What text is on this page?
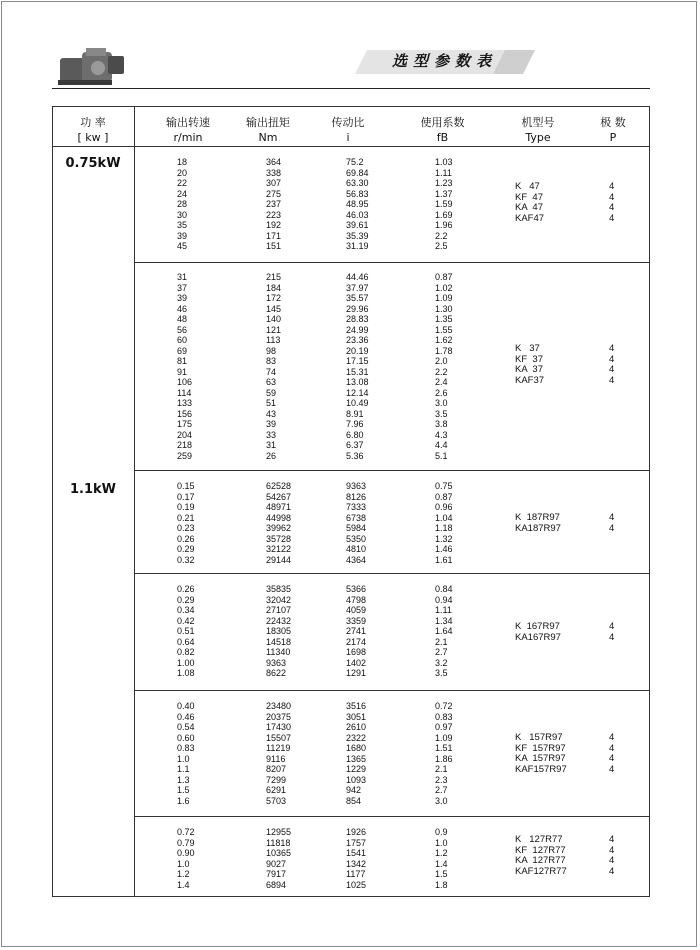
选型参数表
功 率
[ kw ]
输出转速
r/min
输出扭矩
Nm
传动比
i
使用系数
fB
机型号
Type
极 数
P
0.75kW
1.1kW
18
20
22
24
28
30
35
39
45
364
338
307
275
237
223
192
171
151
75.2
69.84
63.30
56.83
48.95
46.03
39.61
35.39
31.19
1.03
1.11
1.23
1.37
1.59
1.69
1.96
2.2
2.5
K   47
KF  47
KA  47
KAF47
4
4
4
4
31
37
39
46
48
56
60
69
81
91
106
114
133
156
175
204
218
259
215
184
172
145
140
121
113
98
83
74
63
59
51
43
39
33
31
26
44.46
37.97
35.57
29.96
28.83
24.99
23.36
20.19
17.15
15.31
13.08
12.14
10.49
8.91
7.96
6.80
6.37
5.36
0.87
1.02
1.09
1.30
1.35
1.55
1.62
1.78
2.0
2.2
2.4
2.6
3.0
3.5
3.8
4.3
4.4
5.1
K   37
KF  37
KA  37
KAF37
4
4
4
4
0.15
0.17
0.19
0.21
0.23
0.26
0.29
0.32
62528
54267
48971
44998
39962
35728
32122
29144
9363
8126
7333
6738
5984
5350
4810
4364
0.75
0.87
0.96
1.04
1.18
1.32
1.46
1.61
K  187R97
KA187R97
4
4
0.26
0.29
0.34
0.42
0.51
0.64
0.82
1.00
1.08
35835
32042
27107
22432
18305
14518
11340
9363
8622
5366
4798
4059
3359
2741
2174
1698
1402
1291
0.84
0.94
1.11
1.34
1.64
2.1
2.7
3.2
3.5
K  167R97
KA167R97
4
4
0.40
0.46
0.54
0.60
0.83
1.0
1.1
1.3
1.5
1.6
23480
20375
17430
15507
11219
9116
8207
7299
6291
5703
3516
3051
2610
2322
1680
1365
1229
1093
942
854
0.72
0.83
0.97
1.09
1.51
1.86
2.1
2.3
2.7
3.0
K   157R97
KF  157R97
KA  157R97
KAF157R97
4
4
4
4
0.72
0.79
0.90
1.0
1.2
1.4
12955
11818
10365
9027
7917
6894
1926
1757
1541
1342
1177
1025
0.9
1.0
1.2
1.4
1.5
1.8
K   127R77
KF  127R77
KA  127R77
KAF127R77
4
4
4
4
